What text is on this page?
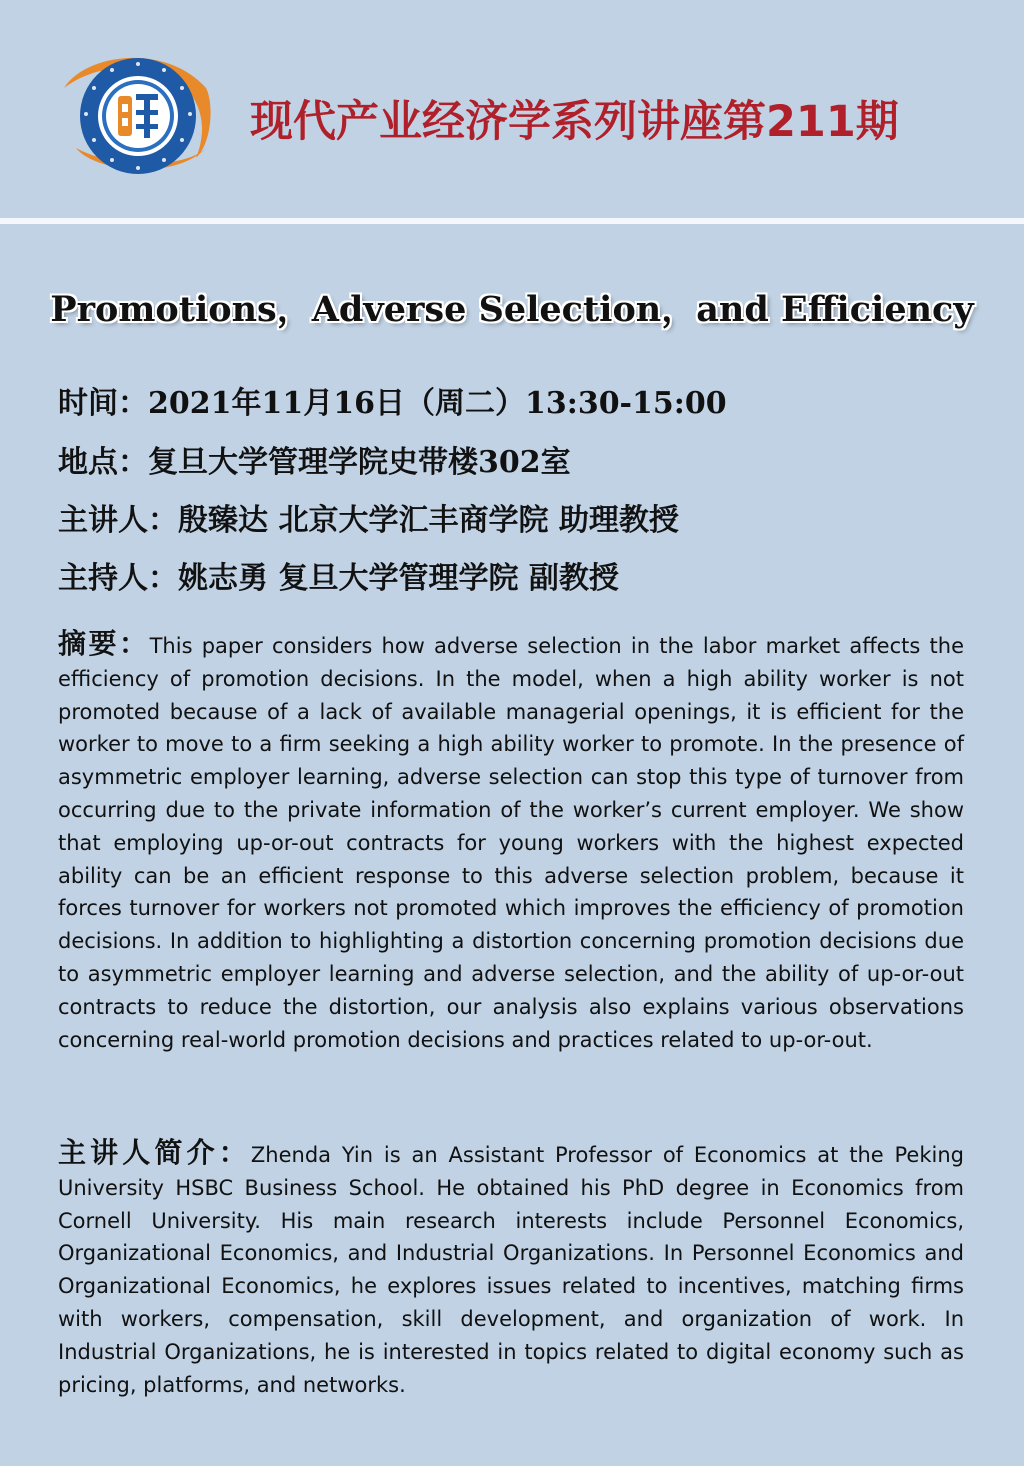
现代产业经济学系列讲座第211期
Promotions，Adverse Selection，and Efficiency
时间：2021年11月16日（周二）13:30-15:00
地点：复旦大学管理学院史带楼302室
主讲人：殷臻达 北京大学汇丰商学院 助理教授
主持人：姚志勇 复旦大学管理学院 副教授
摘要：This paper considers how adverse selection in the labor market affects the efficiency of promotion decisions. In the model, when a high ability worker is not promoted because of a lack of available managerial openings, it is efficient for the worker to move to a firm seeking a high ability worker to promote. In the presence of asymmetric employer learning, adverse selection can stop this type of turnover from occurring due to the private information of the worker’s current employer. We show that employing up-or-out contracts for young workers with the highest expected ability can be an efficient response to this adverse selection problem, because it forces turnover for workers not promoted which improves the efficiency of promotion decisions. In addition to highlighting a distortion concerning promotion decisions due to asymmetric employer learning and adverse selection, and the ability of up-or-out contracts to reduce the distortion, our analysis also explains various observations concerning real-world promotion decisions and practices related to up-or-out.
主讲人简介：Zhenda Yin is an Assistant Professor of Economics at the Peking University HSBC Business School. He obtained his PhD degree in Economics from Cornell University. His main research interests include Personnel Economics, Organizational Economics, and Industrial Organizations. In Personnel Economics and Organizational Economics, he explores issues related to incentives, matching firms with workers, compensation, skill development, and organization of work. In Industrial Organizations, he is interested in topics related to digital economy such as pricing, platforms, and networks.
